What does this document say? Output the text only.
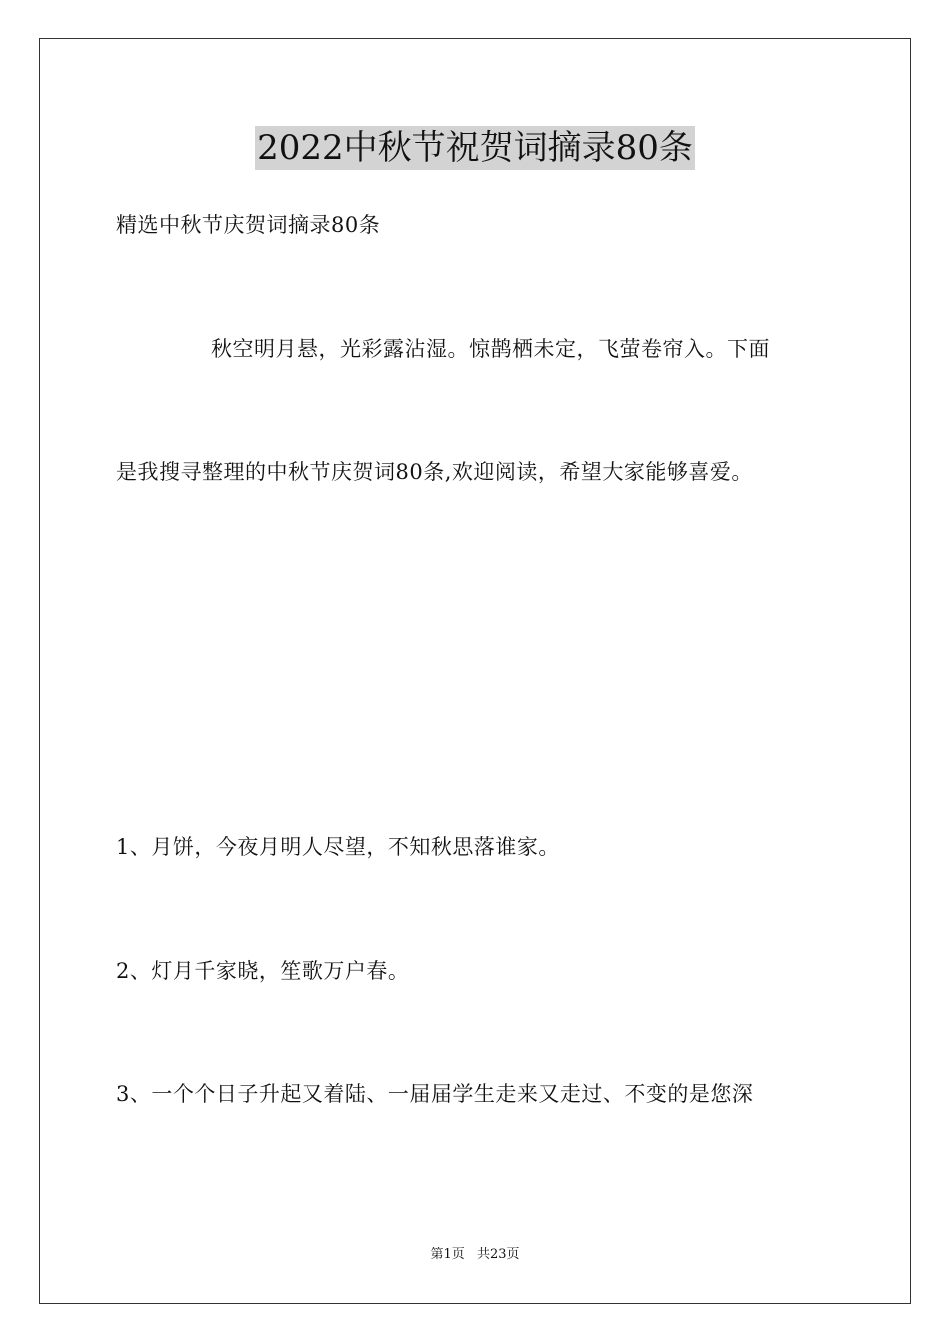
2022中秋节祝贺词摘录80条
精选中秋节庆贺词摘录80条
秋空明月悬，光彩露沾湿。惊鹊栖未定，飞萤卷帘入。下面
是我搜寻整理的中秋节庆贺词80条,欢迎阅读，希望大家能够喜爱。
1、月饼，今夜月明人尽望，不知秋思落谁家。
2、灯月千家晓，笙歌万户春。
3、一个个日子升起又着陆、一届届学生走来又走过、不变的是您深
第1页 共23页
